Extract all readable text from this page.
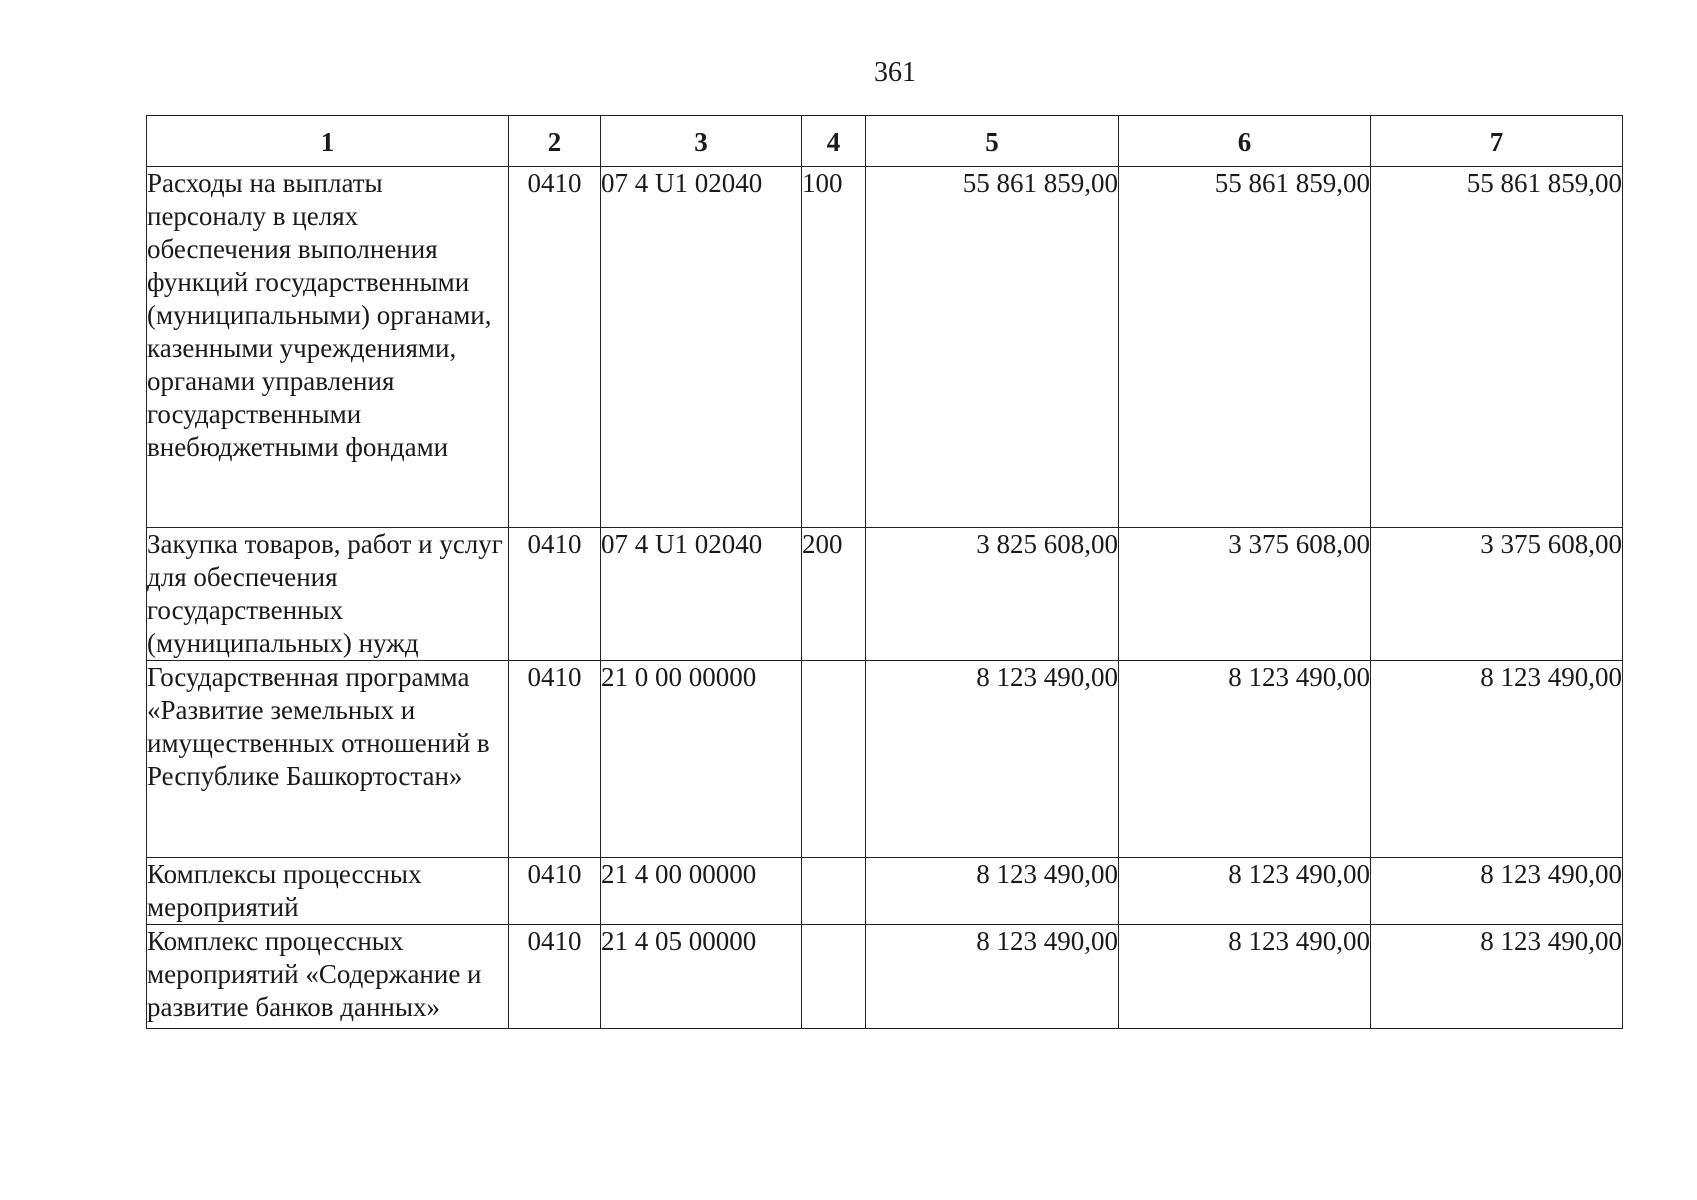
361
1	2	3	4	5	6	7
Расходы на выплаты персоналу в целях обеспечения выполнения функций государственными (муниципальными) органами, казенными учреждениями, органами управления государственными внебюджетными фондами	0410	07 4 U1 02040	100	55 861 859,00	55 861 859,00	55 861 859,00
Закупка товаров, работ и услуг для обеспечения государственных (муниципальных) нужд	0410	07 4 U1 02040	200	3 825 608,00	3 375 608,00	3 375 608,00
Государственная программа «Развитие земельных и имущественных отношений в Республике Башкортостан»	0410	21 0 00 00000		8 123 490,00	8 123 490,00	8 123 490,00
Комплексы процессных мероприятий	0410	21 4 00 00000		8 123 490,00	8 123 490,00	8 123 490,00
Комплекс процессных мероприятий «Содержание и развитие банков данных»	0410	21 4 05 00000		8 123 490,00	8 123 490,00	8 123 490,00
